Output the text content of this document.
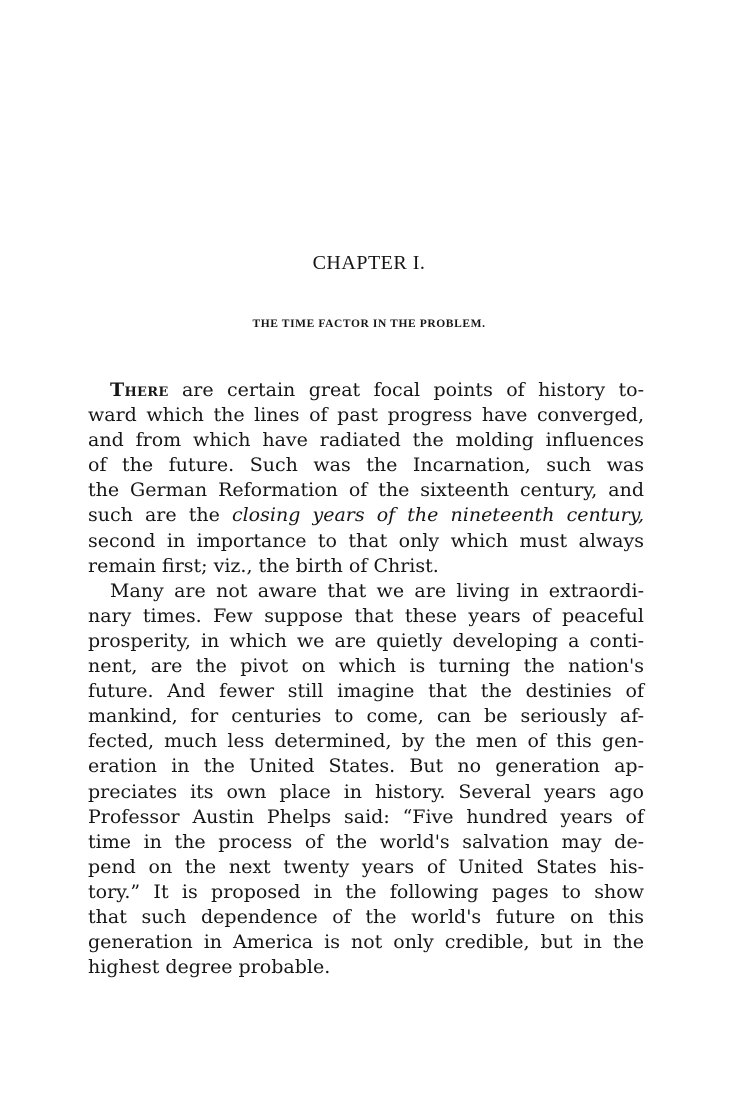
CHAPTER I.
THE TIME FACTOR IN THE PROBLEM.
There are certain great focal points of history to-
ward which the lines of past progress have converged,
and from which have radiated the molding influences
of the future. Such was the Incarnation, such was
the German Reformation of the sixteenth century, and
such are the closing years of the nineteenth century,
second in importance to that only which must always
remain first; viz., the birth of Christ.
Many are not aware that we are living in extraordi-
nary times. Few suppose that these years of peaceful
prosperity, in which we are quietly developing a conti-
nent, are the pivot on which is turning the nation's
future. And fewer still imagine that the destinies of
mankind, for centuries to come, can be seriously af-
fected, much less determined, by the men of this gen-
eration in the United States. But no generation ap-
preciates its own place in history. Several years ago
Professor Austin Phelps said: “Five hundred years of
time in the process of the world's salvation may de-
pend on the next twenty years of United States his-
tory.” It is proposed in the following pages to show
that such dependence of the world's future on this
generation in America is not only credible, but in the
highest degree probable.
